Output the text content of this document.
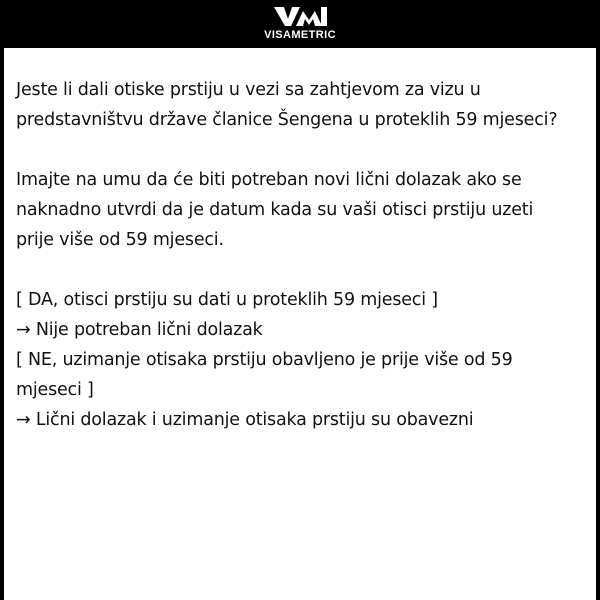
VISAMETRIC
Jeste li dali otiske prstiju u vezi sa zahtjevom za vizu u
predstavništvu države članice Šengena u proteklih 59 mjeseci?
Imajte na umu da će biti potreban novi lični dolazak ako se
naknadno utvrdi da je datum kada su vaši otisci prstiju uzeti
prije više od 59 mjeseci.
[ DA, otisci prstiju su dati u proteklih 59 mjeseci ]
→ Nije potreban lični dolazak
[ NE, uzimanje otisaka prstiju obavljeno je prije više od 59
mjeseci ]
→ Lični dolazak i uzimanje otisaka prstiju su obavezni
